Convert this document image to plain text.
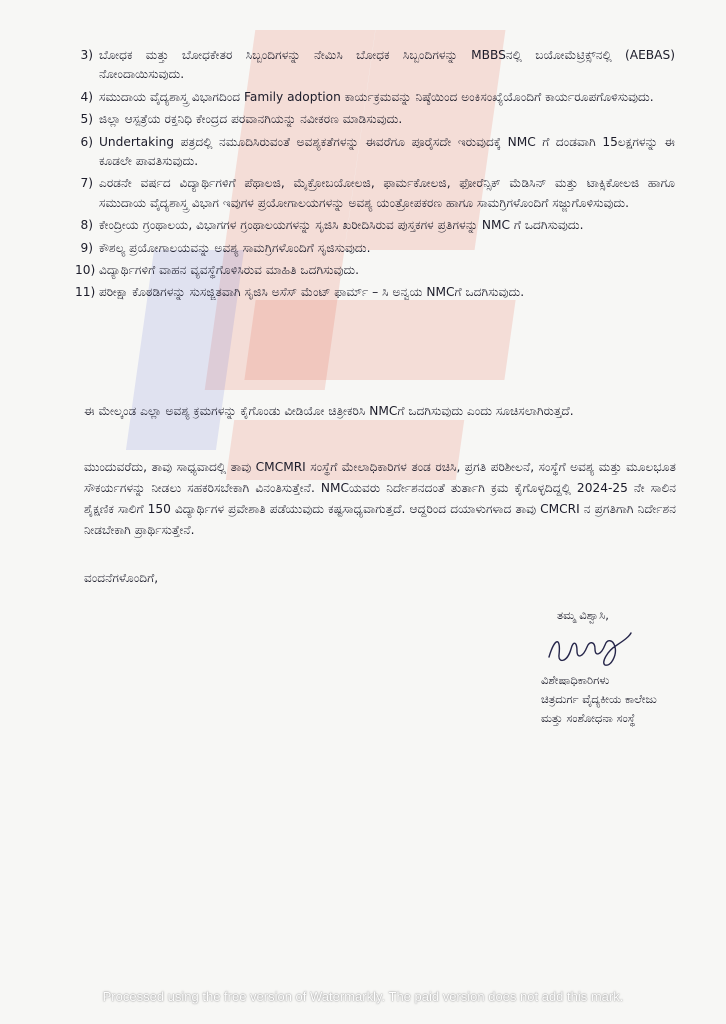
3) ಬೋಧಕ ಮತ್ತು ಬೋಧಕೇತರ ಸಿಬ್ಬಂದಿಗಳನ್ನು ನೇಮಿಸಿ ಬೋಧಕ ಸಿಬ್ಬಂದಿಗಳನ್ನು MBBSನಲ್ಲಿ ಬಯೋಮೆಟ್ರಿಕ್ಸ್‌ನಲ್ಲಿ (AEBAS) ನೋಂದಾಯಿಸುವುದು.
4) ಸಮುದಾಯ ವೈದ್ಯಶಾಸ್ತ್ರ ವಿಭಾಗದಿಂದ Family adoption ಕಾರ್ಯಕ್ರಮವನ್ನು ನಿಷ್ಠೆಯಿಂದ ಅಂಕಿಸಂಖ್ಯೆಯೊಂದಿಗೆ ಕಾರ್ಯರೂಪಗೊಳಿಸುವುದು.
5) ಜಿಲ್ಲಾ ಆಸ್ಪತ್ರೆಯ ರಕ್ತನಿಧಿ ಕೇಂದ್ರದ ಪರವಾನಗಿಯನ್ನು ನವೀಕರಣ ಮಾಡಿಸುವುದು.
6) Undertaking ಪತ್ರದಲ್ಲಿ ನಮೂದಿಸಿರುವಂತೆ ಅವಶ್ಯಕತೆಗಳನ್ನು ಈವರೆಗೂ ಪೂರೈಸದೇ ಇರುವುದಕ್ಕೆ NMC ಗೆ ದಂಡವಾಗಿ 15ಲಕ್ಷಗಳನ್ನು ಈ ಕೂಡಲೇ ಪಾವತಿಸುವುದು.
7) ಎರಡನೇ ವರ್ಷದ ವಿದ್ಯಾರ್ಥಿಗಳಿಗೆ ಪೆಥಾಲಜಿ, ಮೈಕ್ರೋಬಯೋಲಜಿ, ಫಾರ್ಮಕೋಲಜಿ, ಫೋರೆನ್ಸಿಕ್ ಮೆಡಿಸಿನ್ ಮತ್ತು ಟಾಕ್ಸಿಕೋಲಜಿ ಹಾಗೂ ಸಮುದಾಯ ವೈದ್ಯಶಾಸ್ತ್ರ ವಿಭಾಗ ಇವುಗಳ ಪ್ರಯೋಗಾಲಯಗಳನ್ನು ಅವಶ್ಯ ಯಂತ್ರೋಪಕರಣ ಹಾಗೂ ಸಾಮಗ್ರಿಗಳೊಂದಿಗೆ ಸಜ್ಜುಗೊಳಿಸುವುದು.
8) ಕೇಂದ್ರೀಯ ಗ್ರಂಥಾಲಯ, ವಿಭಾಗಗಳ ಗ್ರಂಥಾಲಯಗಳನ್ನು ಸೃಜಿಸಿ ಖರೀದಿಸಿರುವ ಪುಸ್ತಕಗಳ ಪ್ರತಿಗಳನ್ನು NMC ಗೆ ಒದಗಿಸುವುದು.
9) ಕೌಶಲ್ಯ ಪ್ರಯೋಗಾಲಯವನ್ನು ಅವಶ್ಯ ಸಾಮಗ್ರಿಗಳೊಂದಿಗೆ ಸೃಜಿಸುವುದು.
10) ವಿದ್ಯಾರ್ಥಿಗಳಿಗೆ ವಾಹನ ವ್ಯವಸ್ಥೆಗೊಳಿಸಿರುವ ಮಾಹಿತಿ ಒದಗಿಸುವುದು.
11) ಪರೀಕ್ಷಾ ಕೊಠಡಿಗಳನ್ನು ಸುಸಜ್ಜಿತವಾಗಿ ಸೃಜಿಸಿ ಅಸೆಸ್ ಮೆಂಟ್ ಫಾರ್ಮ್ – ಸಿ ಅನ್ವಯ NMCಗೆ ಒದಗಿಸುವುದು.

ಈ ಮೇಲ್ಕಂಡ ಎಲ್ಲಾ ಅವಶ್ಯ ಕ್ರಮಗಳನ್ನು ಕೈಗೊಂಡು ವೀಡಿಯೋ ಚಿತ್ರೀಕರಿಸಿ NMCಗೆ ಒದಗಿಸುವುದು ಎಂದು ಸೂಚಿಸಲಾಗಿರುತ್ತದೆ.

ಮುಂದುವರೆದು, ತಾವು ಸಾಧ್ಯವಾದಲ್ಲಿ ತಾವು CMCMRI ಸಂಸ್ಥೆಗೆ ಮೇಲಾಧಿಕಾರಿಗಳ ತಂಡ ರಚಿಸಿ, ಪ್ರಗತಿ ಪರಿಶೀಲನೆ, ಸಂಸ್ಥೆಗೆ ಅವಶ್ಯ ಮತ್ತು ಮೂಲಭೂತ ಸೌಕರ್ಯಗಳನ್ನು ನೀಡಲು ಸಹಕರಿಸಬೇಕಾಗಿ ವಿನಂತಿಸುತ್ತೇನೆ. NMCಯವರು ನಿರ್ದೇಶನದಂತೆ ತುರ್ತಾಗಿ ಕ್ರಮ ಕೈಗೊಳ್ಳದಿದ್ದಲ್ಲಿ 2024-25 ನೇ ಸಾಲಿನ ಶೈಕ್ಷಣಿಕ ಸಾಲಿಗೆ 150 ವಿದ್ಯಾರ್ಥಿಗಳ ಪ್ರವೇಶಾತಿ ಪಡೆಯುವುದು ಕಷ್ಟಸಾಧ್ಯವಾಗುತ್ತದೆ. ಆದ್ದರಿಂದ ದಯಾಳುಗಳಾದ ತಾವು CMCRI ನ ಪ್ರಗತಿಗಾಗಿ ನಿರ್ದೇಶನ ನೀಡಬೇಕಾಗಿ ಪ್ರಾರ್ಥಿಸುತ್ತೇನೆ.

ವಂದನೆಗಳೊಂದಿಗೆ,
ತಮ್ಮ ವಿಶ್ವಾಸಿ,
ವಿಶೇಷಾಧಿಕಾರಿಗಳು
ಚಿತ್ರದುರ್ಗ ವೈದ್ಯಕೀಯ ಕಾಲೇಜು
ಮತ್ತು ಸಂಶೋಧನಾ ಸಂಸ್ಥೆ
Processed using the free version of Watermarkly. The paid version does not add this mark.
